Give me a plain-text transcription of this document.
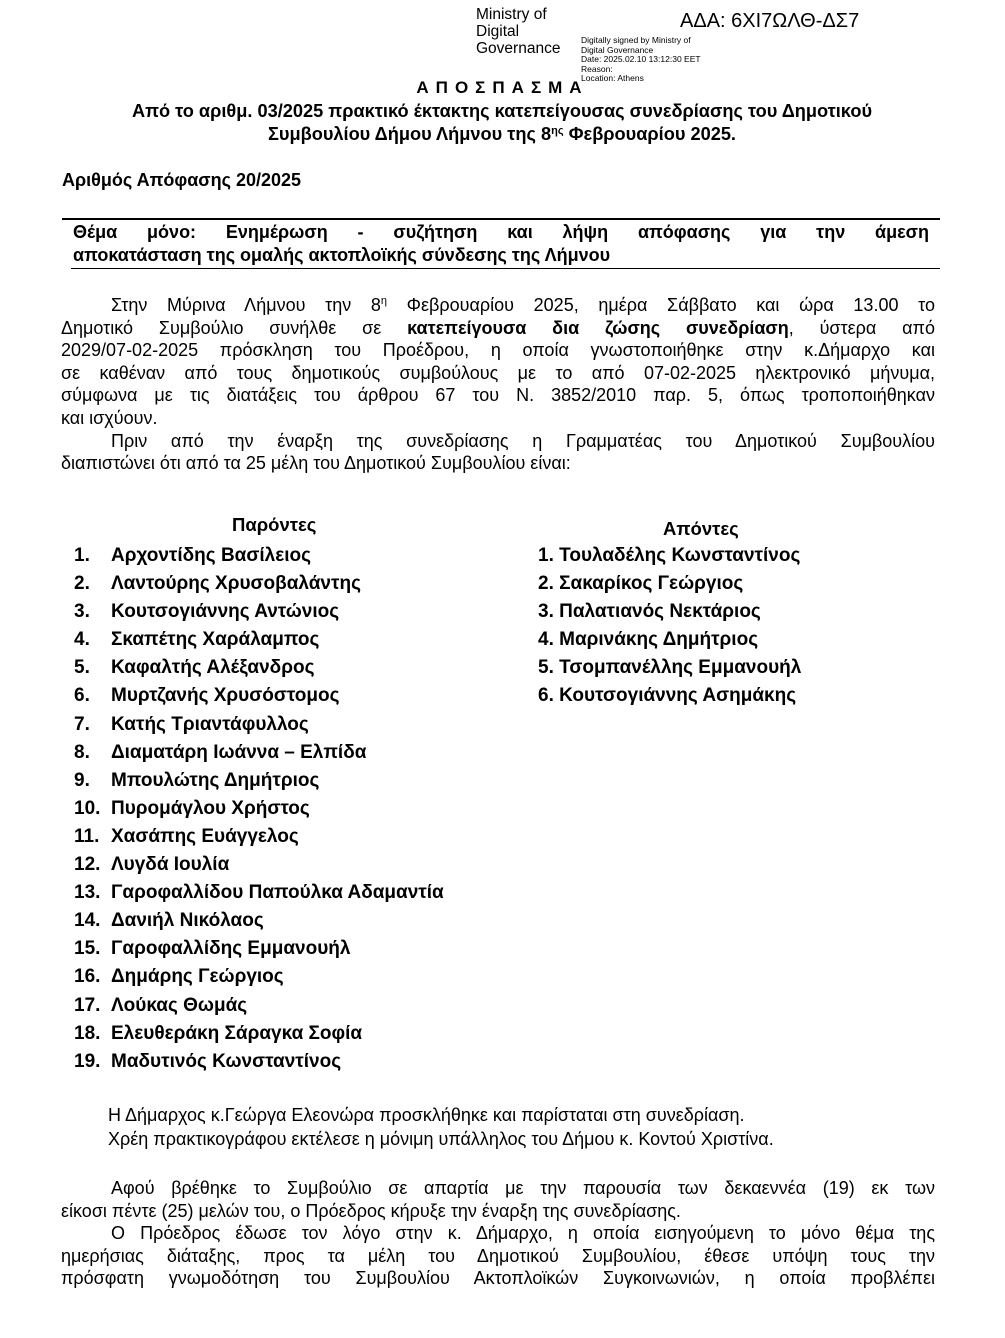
ΑΔΑ: 6ΧΙ7ΩΛΘ-ΔΣ7
Ministry of Digital Governance	Digitally signed by Ministry of Digital Governance
Date: 2025.02.10 13:12:30 EET
Reason:
Location: Athens
ΑΠΟΣΠΑΣΜΑ
Από το αριθμ. 03/2025 πρακτικό έκτακτης κατεπείγουσας συνεδρίασης του Δημοτικού
Συμβουλίου Δήμου Λήμνου της $8^{\eta\varsigma}$ Φεβρουαρίου 2025.
Αριθμός Απόφασης 20/2025
Θέμα μόνο: Ενημέρωση - συζήτηση και λήψη απόφασης για την άμεση
αποκατάσταση της ομαλής ακτοπλοϊκής σύνδεσης της Λήμνου
Στην Μύρινα Λήμνου την $8^\eta$ Φεβρουαρίου 2025, ημέρα Σάββατο και ώρα 13.00 το
Δημοτικό Συμβούλιο συνήλθε σε κατεπείγουσα δια ζώσης συνεδρίαση, ύστερα από
2029/07-02-2025 πρόσκληση του Προέδρου, η οποία γνωστοποιήθηκε στην κ.Δήμαρχο και
σε καθέναν από τους δημοτικούς συμβούλους με το από 07-02-2025 ηλεκτρονικό μήνυμα,
σύμφωνα με τις διατάξεις του άρθρου 67 του Ν. 3852/2010 παρ. 5, όπως τροποποιήθηκαν
και ισχύουν.
Πριν από την έναρξη της συνεδρίασης η Γραμματέας του Δημοτικού Συμβουλίου
διαπιστώνει ότι από τα 25 μέλη του Δημοτικού Συμβουλίου είναι:
Παρόντες
1. Αρχοντίδης Βασίλειος
2. Λαντούρης Χρυσοβαλάντης
3. Κουτσογιάννης Αντώνιος
4. Σκαπέτης Χαράλαμπος
5. Καφαλτής Αλέξανδρος
6. Μυρτζανής Χρυσόστομος
7. Κατής Τριαντάφυλλος
8. Διαματάρη Ιωάννα – Ελπίδα
9. Μπουλώτης Δημήτριος
10. Πυρομάγλου Χρήστος
11. Χασάπης Ευάγγελος
12. Λυγδά Ιουλία
13. Γαροφαλλίδου Παπούλκα Αδαμαντία
14. Δανιήλ Νικόλαος
15. Γαροφαλλίδης Εμμανουήλ
16. Δημάρης Γεώργιος
17. Λούκας Θωμάς
18. Ελευθεράκη Σάραγκα Σοφία
19. Μαδυτινός Κωνσταντίνος
Απόντες
1. Τουλαδέλης Κωνσταντίνος
2. Σακαρίκος Γεώργιος
3. Παλατιανός Νεκτάριος
4. Μαρινάκης Δημήτριος
5. Τσομπανέλλης Εμμανουήλ
6. Κουτσογιάννης Ασημάκης
Η Δήμαρχος κ.Γεώργα Ελεονώρα προσκλήθηκε και παρίσταται στη συνεδρίαση.
Χρέη πρακτικογράφου εκτέλεσε η μόνιμη υπάλληλος του Δήμου κ. Κοντού Χριστίνα.
Αφού βρέθηκε το Συμβούλιο σε απαρτία με την παρουσία των δεκαεννέα (19) εκ των
είκοσι πέντε (25) μελών του, ο Πρόεδρος κήρυξε την έναρξη της συνεδρίασης.
Ο Πρόεδρος έδωσε τον λόγο στην κ. Δήμαρχο, η οποία εισηγούμενη το μόνο θέμα της
ημερήσιας διάταξης, προς τα μέλη του Δημοτικού Συμβουλίου, έθεσε υπόψη τους την
πρόσφατη γνωμοδότηση του Συμβουλίου Ακτοπλοϊκών Συγκοινωνιών, η οποία προβλέπει
